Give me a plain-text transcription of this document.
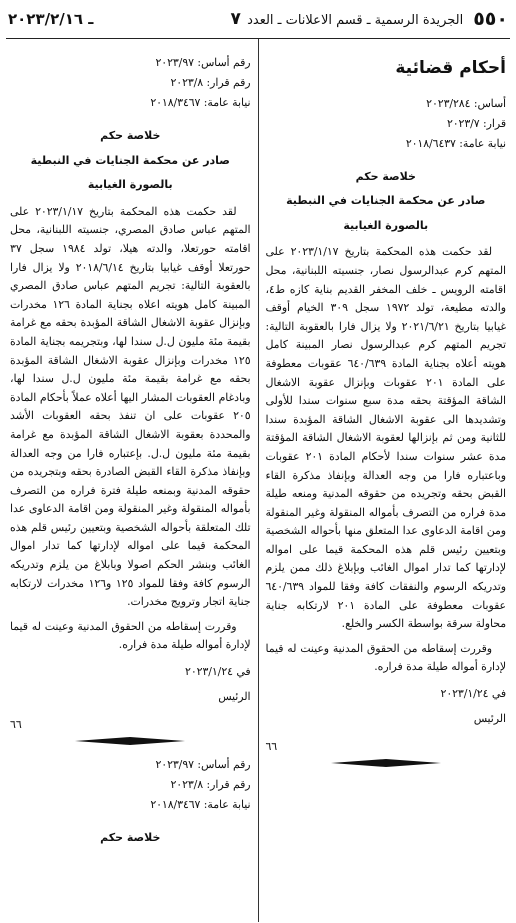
٥٥٠
الجريدة الرسمية ـ قسم الاعلانات ـ العدد ٧
ـ ٢٠٢٣/٢/١٦
أحكام قضائية

أساس: ٢٠٢٣/٢٨٤

قرار: ٢٠٢٣/٧

نيابة عامة: ٢٠١٨/٦٤٣٧

خلاصة حكم
صادر عن محكمة الجنايات في النبطية
بالصورة الغيابية

لقد حكمت هذه المحكمة بتاريخ ٢٠٢٣/١/١٧ على المتهم كرم عبدالرسول نصار، جنسيته اللبنانية، محل اقامته الرويس ـ خلف المخفر القديم بناية كازه ط٤، والدته مطيعة، تولد ١٩٧٢ سجل ٣٠٩ الخيام أوقف غيابيا بتاريخ ٢٠٢١/٦/٢١ ولا يزال فارا بالعقوبة التالية: تجريم المتهم كرم عبدالرسول نصار المبينة كامل هويته أعلاه بجناية المادة ٦٤٠/٦٣٩ عقوبات معطوفة على المادة ٢٠١ عقوبات وبإنزال عقوبة الاشغال الشاقة المؤقتة بحقه مدة سبع سنوات سندا للأولى وتشديدها الى عقوبة الاشغال الشاقة المؤبدة سندا للثانية ومن ثم بإنزالها لعقوبة الاشغال الشاقة المؤقتة مدة عشر سنوات سندا لأحكام المادة ٢٠١ عقوبات وباعتباره فارا من وجه العدالة وبإنفاذ مذكرة القاء القبض بحقه وتجريده من حقوقه المدنية ومنعه طيلة مدة فراره من التصرف بأمواله المنقولة وغير المنقولة ومن اقامة الدعاوى عدا المتعلق منها بأحواله الشخصية وبتعيين رئيس قلم هذه المحكمة قيما على امواله لإدارتها كما تدار اموال الغائب وبإبلاغ ذلك ممن يلزم وتدريكه الرسوم والنفقات كافة وفقا للمواد ٦٤٠/٦٣٩ عقوبات معطوفة على المادة ٢٠١ لارتكابه جناية محاولة سرقة بواسطة الكسر والخلع.

وقررت إسقاطه من الحقوق المدنية وعينت له قيما لإدارة أمواله طيلة مدة فراره.

في ٢٠٢٣/١/٢٤

الرئيس

٦٦

رقم أساس: ٢٠٢٣/٩٧

رقم قرار: ٢٠٢٣/٨

نيابة عامة: ٢٠١٨/٣٤٦٧

خلاصة حكم
صادر عن محكمة الجنايات في النبطية
بالصورة الغيابية

لقد حكمت هذه المحكمة بتاريخ ٢٠٢٣/١/١٧ على المتهم عباس صادق المصري، جنسيته اللبنانية، محل اقامته حورتعلا، والدته هيلا، تولد ١٩٨٤ سجل ٣٧ حورتعلا أوقف غيابيا بتاريخ ٢٠١٨/٦/١٤ ولا يزال فارا بالعقوبة التالية: تجريم المتهم عباس صادق المصري المبينة كامل هويته اعلاه بجناية المادة ١٢٦ مخدرات وبإنزال عقوبة الاشغال الشاقة المؤبدة بحقه مع غرامة بقيمة مئة مليون ل.ل سندا لها، وبتجريمه بجناية المادة ١٢٥ مخدرات وبإنزال عقوبة الاشغال الشاقة المؤبدة بحقه مع غرامة بقيمة مئة مليون ل.ل سندا لها، وبادغام العقوبات المشار اليها أعلاه عملاً بأحكام المادة ٢٠٥ عقوبات على ان تنفذ بحقه العقوبات الأشد والمحددة بعقوبة الاشغال الشاقة المؤبدة مع غرامة بقيمة مئة مليون ل.ل. بإعتباره فارا من وجه العدالة وبإنفاذ مذكرة القاء القبض الصادرة بحقه وبتجريده من حقوقه المدنية وبمنعه طيلة فترة فراره من التصرف بأمواله المنقولة وغير المنقولة ومن اقامة الدعاوى عدا تلك المتعلقة بأحواله الشخصية وبتعيين رئيس قلم هذه المحكمة قيما على امواله لإدارتها كما تدار اموال الغائب وبنشر الحكم اصولا وبابلاغ من يلزم وتدريكه الرسوم كافة وفقا للمواد ١٢٥ و١٢٦ مخدرات لارتكابه جناية اتجار وترويج مخدرات.

وقررت إسقاطه من الحقوق المدنية وعينت له قيما لإدارة أمواله طيلة مدة فراره.

في ٢٠٢٣/١/٢٤

الرئيس

٦٦

رقم أساس: ٢٠٢٣/٩٧

رقم قرار: ٢٠٢٣/٨

نيابة عامة: ٢٠١٨/٣٤٦٧

خلاصة حكم
